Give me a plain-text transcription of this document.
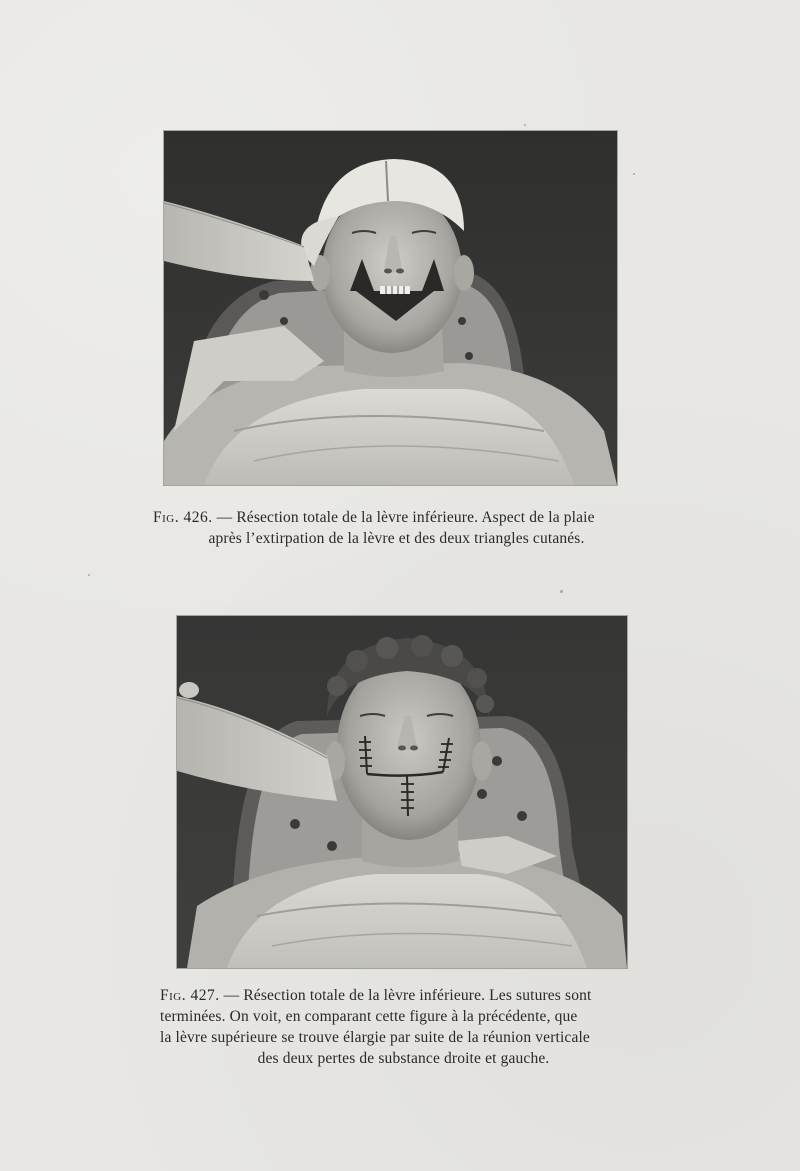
Fig. 426. — Résection totale de la lèvre inférieure. Aspect de la plaie
après l’extirpation de la lèvre et des deux triangles cutanés.
Fig. 427. — Résection totale de la lèvre inférieure. Les sutures sont
terminées. On voit, en comparant cette figure à la précédente, que
la lèvre supérieure se trouve élargie par suite de la réunion verticale
des deux pertes de substance droite et gauche.
